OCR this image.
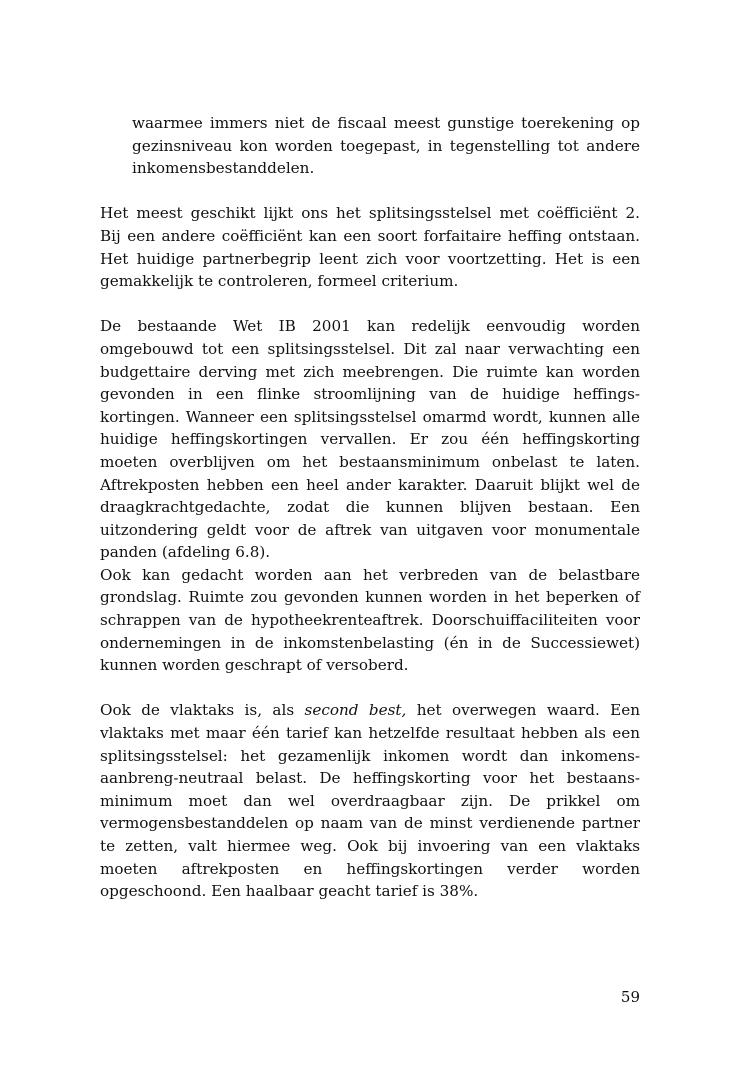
waarmee immers niet de fiscaal meest gunstige toerekening op
gezinsniveau kon worden toegepast, in tegenstelling tot andere
inkomensbestanddelen.

Het meest geschikt lijkt ons het splitsingsstelsel met coëfficiënt 2.
Bij een andere coëfficiënt kan een soort forfaitaire heffing ontstaan.
Het huidige partnerbegrip leent zich voor voortzetting. Het is een
gemakkelijk te controleren, formeel criterium.

De bestaande Wet IB 2001 kan redelijk eenvoudig worden
omgebouwd tot een splitsingsstelsel. Dit zal naar verwachting een
budgettaire derving met zich meebrengen. Die ruimte kan worden
gevonden in een flinke stroomlijning van de huidige heffings-
kortingen. Wanneer een splitsingsstelsel omarmd wordt, kunnen alle
huidige heffingskortingen vervallen. Er zou één heffingskorting
moeten overblijven om het bestaansminimum onbelast te laten.
Aftrekposten hebben een heel ander karakter. Daaruit blijkt wel de
draagkrachtgedachte, zodat die kunnen blijven bestaan. Een
uitzondering geldt voor de aftrek van uitgaven voor monumentale
panden (afdeling 6.8).
Ook kan gedacht worden aan het verbreden van de belastbare
grondslag. Ruimte zou gevonden kunnen worden in het beperken of
schrappen van de hypotheekrenteaftrek. Doorschuiffaciliteiten voor
ondernemingen in de inkomstenbelasting (én in de Successiewet)
kunnen worden geschrapt of versoberd.

Ook de vlaktaks is, als second best, het overwegen waard. Een
vlaktaks met maar één tarief kan hetzelfde resultaat hebben als een
splitsingsstelsel: het gezamenlijk inkomen wordt dan inkomens-
aanbreng-neutraal belast. De heffingskorting voor het bestaans-
minimum moet dan wel overdraagbaar zijn. De prikkel om
vermogensbestanddelen op naam van de minst verdienende partner
te zetten, valt hiermee weg. Ook bij invoering van een vlaktaks
moeten aftrekposten en heffingskortingen verder worden
opgeschoond. Een haalbaar geacht tarief is 38%.

59
